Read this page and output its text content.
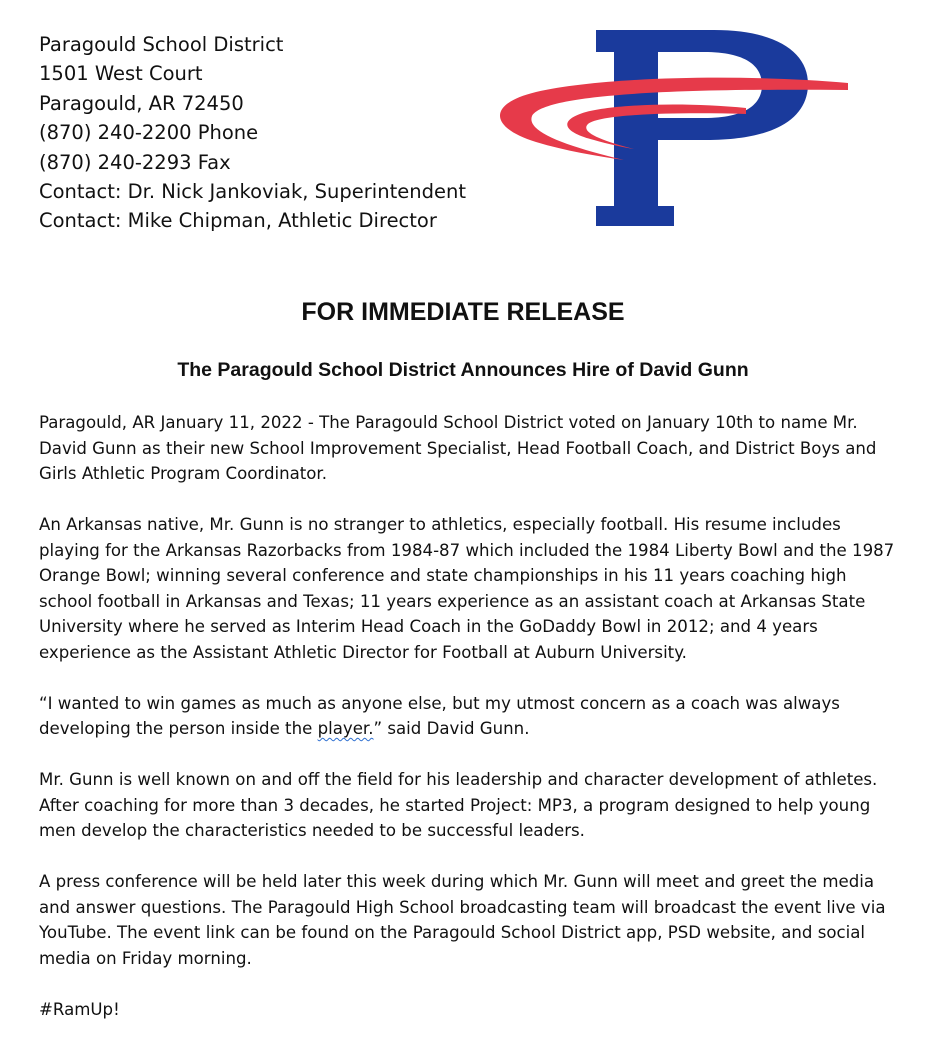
Paragould School District
1501 West Court
Paragould, AR 72450
(870) 240-2200 Phone
(870) 240-2293 Fax
Contact: Dr. Nick Jankoviak, Superintendent
Contact: Mike Chipman, Athletic Director
FOR IMMEDIATE RELEASE
The Paragould School District Announces Hire of David Gunn

Paragould, AR January 11, 2022 - The Paragould School District voted on January 10th to name Mr. David Gunn as their new School Improvement Specialist, Head Football Coach, and District Boys and Girls Athletic Program Coordinator.

An Arkansas native, Mr. Gunn is no stranger to athletics, especially football. His resume includes playing for the Arkansas Razorbacks from 1984-87 which included the 1984 Liberty Bowl and the 1987 Orange Bowl; winning several conference and state championships in his 11 years coaching high school football in Arkansas and Texas; 11 years experience as an assistant coach at Arkansas State University where he served as Interim Head Coach in the GoDaddy Bowl in 2012; and 4 years experience as the Assistant Athletic Director for Football at Auburn University.

“I wanted to win games as much as anyone else, but my utmost concern as a coach was always developing the person inside the player.” said David Gunn.

Mr. Gunn is well known on and off the field for his leadership and character development of athletes. After coaching for more than 3 decades, he started Project: MP3, a program designed to help young men develop the characteristics needed to be successful leaders.

A press conference will be held later this week during which Mr. Gunn will meet and greet the media and answer questions. The Paragould High School broadcasting team will broadcast the event live via YouTube. The event link can be found on the Paragould School District app, PSD website, and social media on Friday morning.

#RamUp!
